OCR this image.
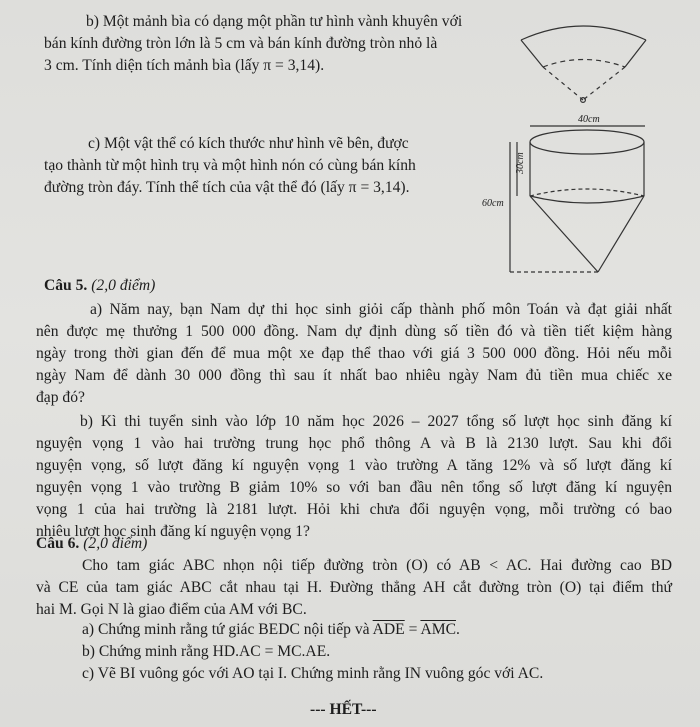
40cm
30cm
60cm
b) Một mảnh bìa có dạng một phần tư hình vành khuyên với
bán kính đường tròn lớn là 5 cm và bán kính đường tròn nhỏ là
3 cm. Tính diện tích mảnh bìa (lấy π = 3,14).
c) Một vật thể có kích thước như hình vẽ bên, được
tạo thành từ một hình trụ và một hình nón có cùng bán kính
đường tròn đáy. Tính thể tích của vật thể đó (lấy π = 3,14).
Câu 5. (2,0 điểm)
a) Năm nay, bạn Nam dự thi học sinh giỏi cấp thành phố môn Toán và đạt giải nhất
nên được mẹ thưởng 1 500 000 đồng. Nam dự định dùng số tiền đó và tiền tiết kiệm hàng
ngày trong thời gian đến để mua một xe đạp thể thao với giá 3 500 000 đồng. Hỏi nếu mỗi
ngày Nam để dành 30 000 đồng thì sau ít nhất bao nhiêu ngày Nam đủ tiền mua chiếc xe
đạp đó?
b) Kì thi tuyển sinh vào lớp 10 năm học 2026 – 2027 tổng số lượt học sinh đăng kí
nguyện vọng 1 vào hai trường trung học phổ thông A và B là 2130 lượt. Sau khi đổi
nguyện vọng, số lượt đăng kí nguyện vọng 1 vào trường A tăng 12% và số lượt đăng kí
nguyện vọng 1 vào trường B giảm 10% so với ban đầu nên tổng số lượt đăng kí nguyện
vọng 1 của hai trường là 2181 lượt. Hỏi khi chưa đổi nguyện vọng, mỗi trường có bao
nhiêu lượt học sinh đăng kí nguyện vọng 1?
Câu 6. (2,0 điểm)
Cho tam giác ABC nhọn nội tiếp đường tròn (O) có AB < AC. Hai đường cao BD
và CE của tam giác ABC cắt nhau tại H. Đường thẳng AH cắt đường tròn (O) tại điểm thứ
hai M. Gọi N là giao điểm của AM với BC.
a) Chứng minh rằng tứ giác BEDC nội tiếp và $\overline{ADE} = \overline{AMC}$.
b) Chứng minh rằng HD.AC = MC.AE.
c) Vẽ BI vuông góc với AO tại I. Chứng minh rằng IN vuông góc với AC.
--- HẾT---
